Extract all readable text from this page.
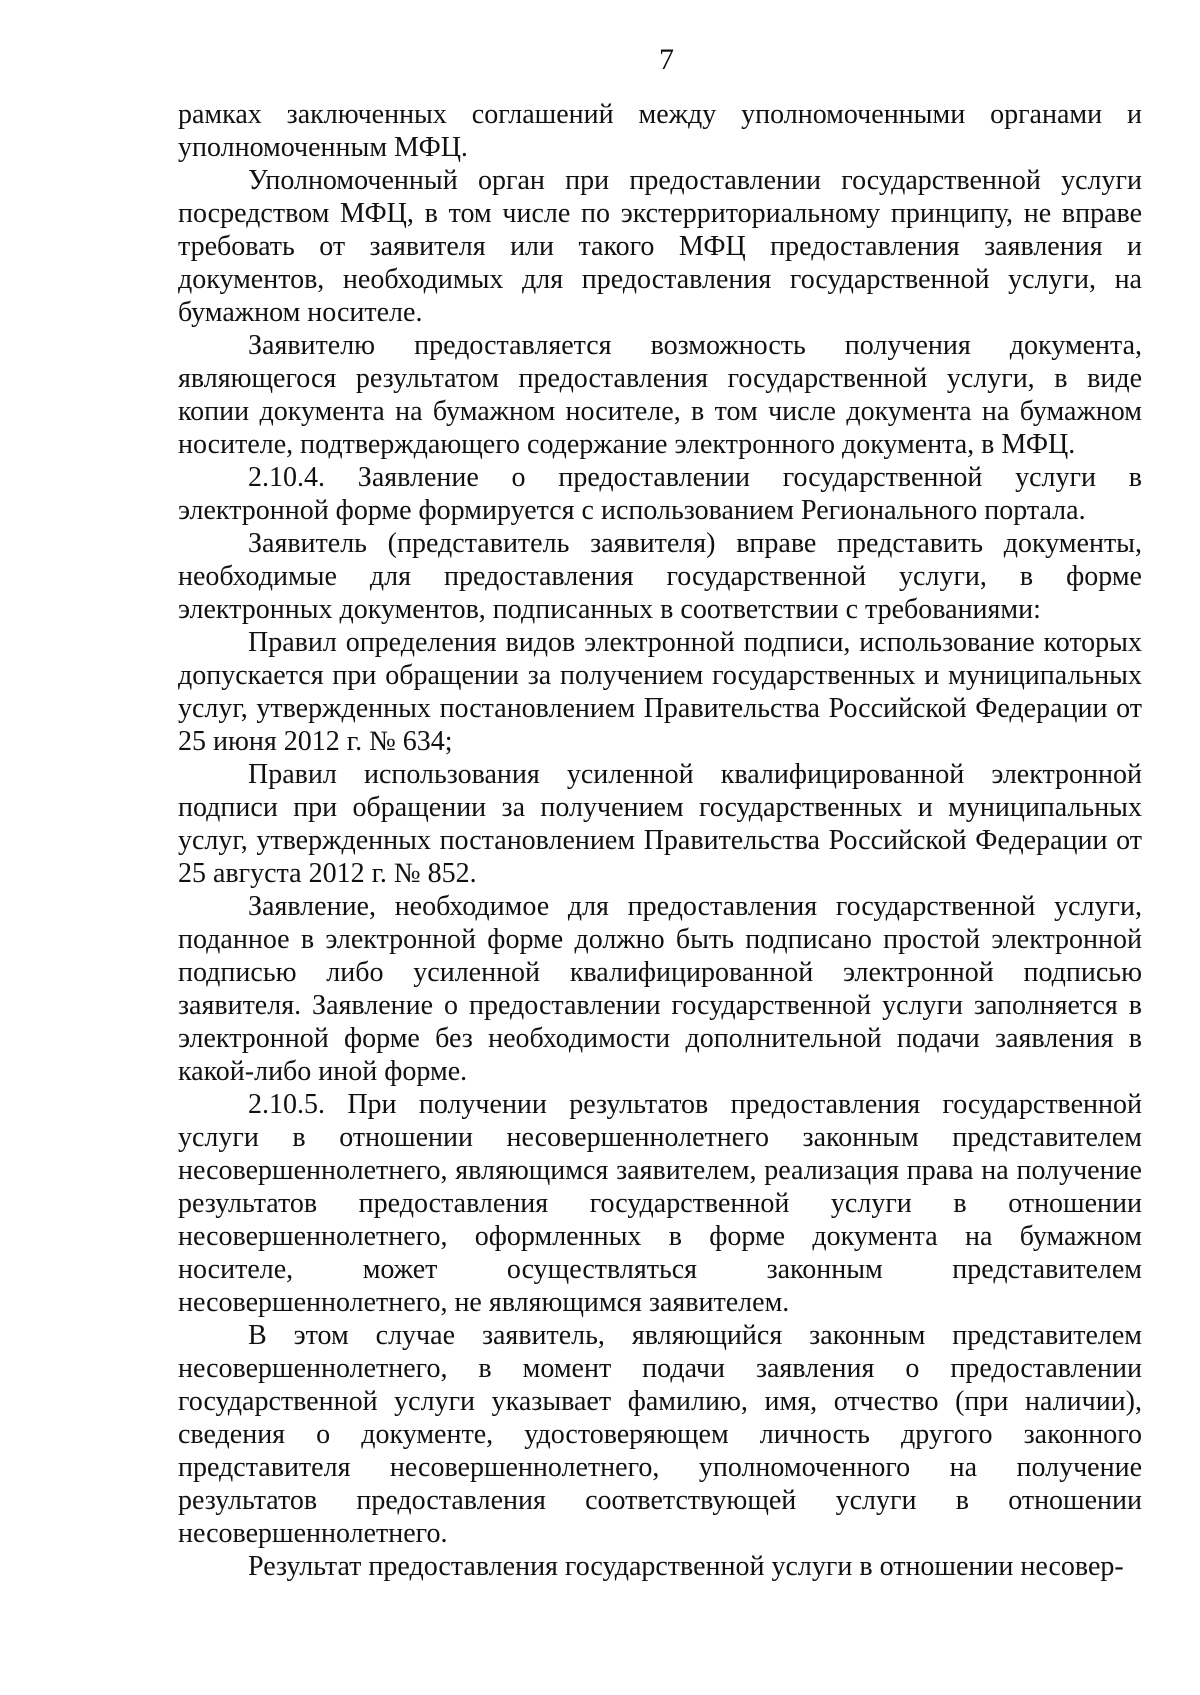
7

рамках заключенных соглашений между уполномоченными органами и уполномоченным МФЦ.

Уполномоченный орган при предоставлении государственной услуги посредством МФЦ, в том числе по экстерриториальному принципу, не вправе требовать от заявителя или такого МФЦ предоставления заявления и документов, необходимых для предоставления государственной услуги, на бумажном носителе.

Заявителю предоставляется возможность получения документа, являющегося результатом предоставления государственной услуги, в виде копии документа на бумажном носителе, в том числе документа на бумажном носителе, подтверждающего содержание электронного документа, в МФЦ.

2.10.4. Заявление о предоставлении государственной услуги в электронной форме формируется с использованием Регионального портала.

Заявитель (представитель заявителя) вправе представить документы, необходимые для предоставления государственной услуги, в форме электронных документов, подписанных в соответствии с требованиями:

Правил определения видов электронной подписи, использование которых допускается при обращении за получением государственных и муниципальных услуг, утвержденных постановлением Правительства Российской Федерации от 25 июня 2012 г. № 634;

Правил использования усиленной квалифицированной электронной подписи при обращении за получением государственных и муниципальных услуг, утвержденных постановлением Правительства Российской Федерации от 25 августа 2012 г. № 852.

Заявление, необходимое для предоставления государственной услуги, поданное в электронной форме должно быть подписано простой электронной подписью либо усиленной квалифицированной электронной подписью заявителя. Заявление о предоставлении государственной услуги заполняется в электронной форме без необходимости дополнительной подачи заявления в какой-либо иной форме.

2.10.5. При получении результатов предоставления государственной услуги в отношении несовершеннолетнего законным представителем несовершеннолетнего, являющимся заявителем, реализация права на получение результатов предоставления государственной услуги в отношении несовершеннолетнего, оформленных в форме документа на бумажном носителе, может осуществляться законным представителем несовершеннолетнего, не являющимся заявителем.

В этом случае заявитель, являющийся законным представителем несовершеннолетнего, в момент подачи заявления о предоставлении государственной услуги указывает фамилию, имя, отчество (при наличии), сведения о документе, удостоверяющем личность другого законного представителя несовершеннолетнего, уполномоченного на получение результатов предоставления соответствующей услуги в отношении несовершеннолетнего.

Результат предоставления государственной услуги в отношении несовер-
